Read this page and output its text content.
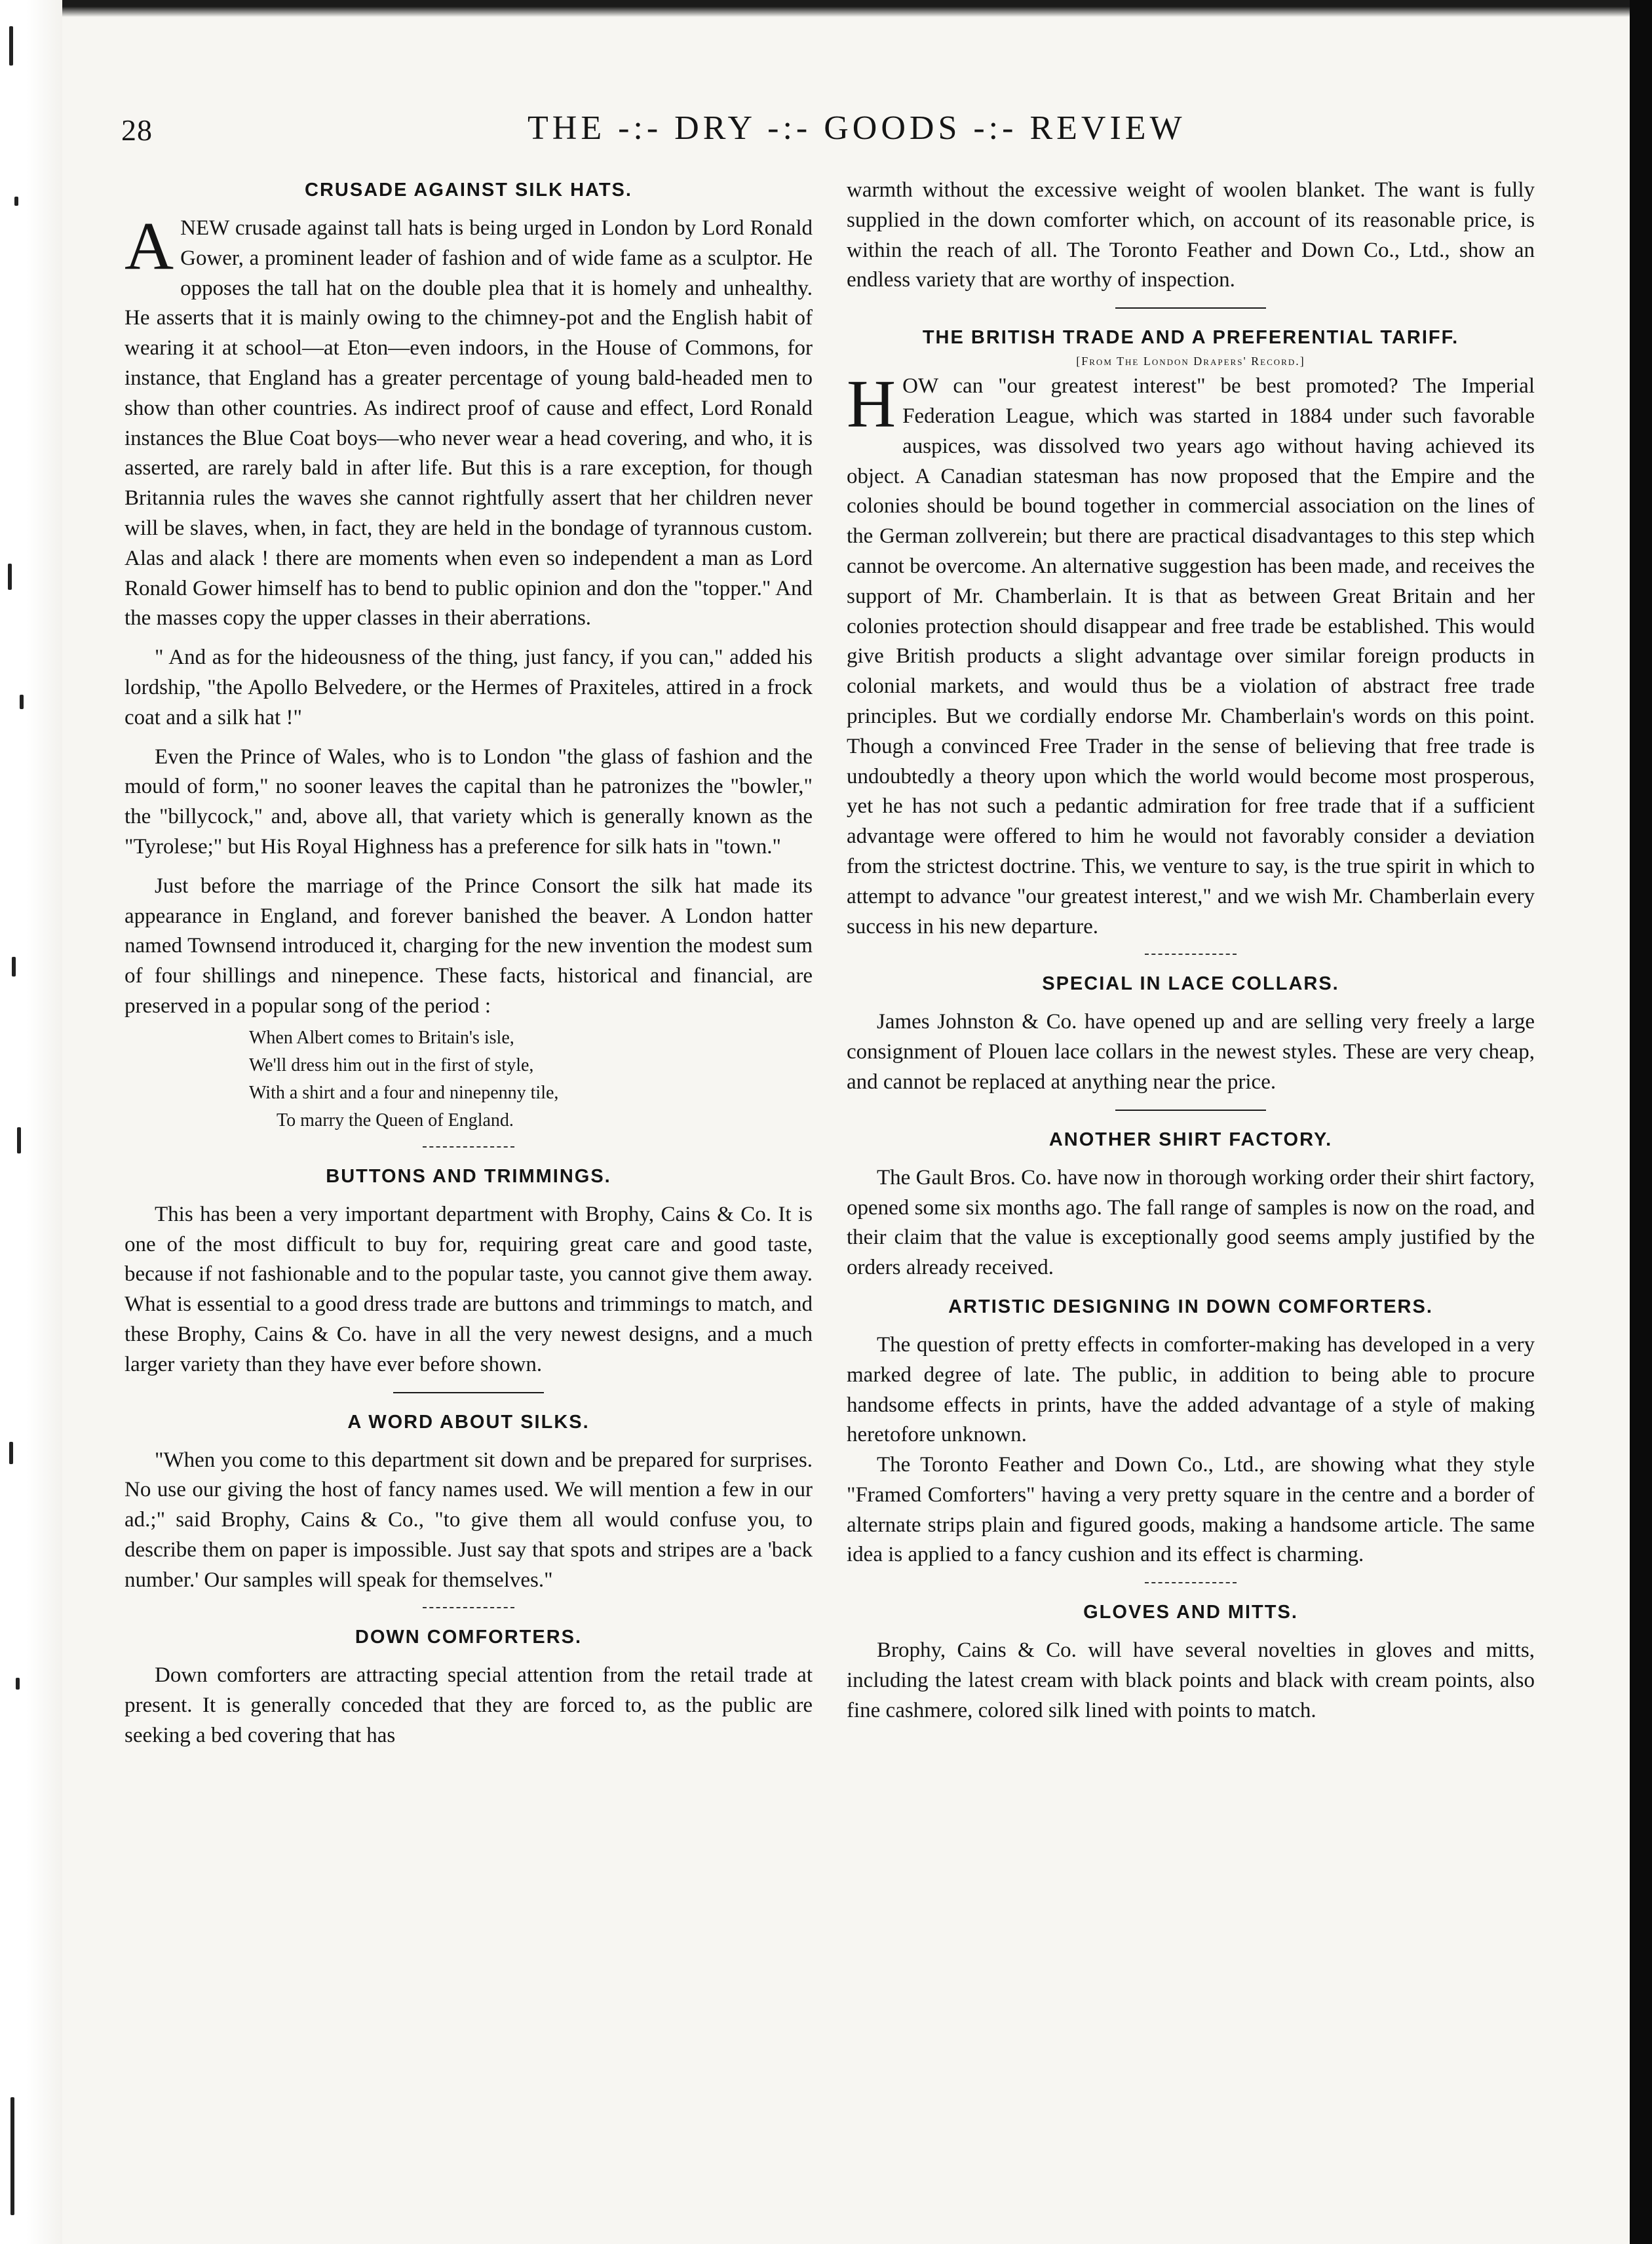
28	THE -:- DRY -:- GOODS -:- REVIEW
CRUSADE AGAINST SILK HATS.

ANEW crusade against tall hats is being urged in London by Lord Ronald Gower, a prominent leader of fashion and of wide fame as a sculptor. He opposes the tall hat on the double plea that it is homely and unhealthy. He asserts that it is mainly owing to the chimney-pot and the English habit of wearing it at school—at Eton—even indoors, in the House of Commons, for instance, that England has a greater percentage of young bald-headed men to show than other countries. As indirect proof of cause and effect, Lord Ronald instances the Blue Coat boys—who never wear a head covering, and who, it is asserted, are rarely bald in after life. But this is a rare exception, for though Britannia rules the waves she cannot rightfully assert that her children never will be slaves, when, in fact, they are held in the bondage of tyrannous custom. Alas and alack ! there are moments when even so independent a man as Lord Ronald Gower himself has to bend to public opinion and don the "topper." And the masses copy the upper classes in their aberrations.

" And as for the hideousness of the thing, just fancy, if you can," added his lordship, "the Apollo Belvedere, or the Hermes of Praxiteles, attired in a frock coat and a silk hat !"

Even the Prince of Wales, who is to London "the glass of fashion and the mould of form," no sooner leaves the capital than he patronizes the "bowler," the "billycock," and, above all, that variety which is generally known as the "Tyrolese;" but His Royal Highness has a preference for silk hats in "town."

Just before the marriage of the Prince Consort the silk hat made its appearance in England, and forever banished the beaver. A London hatter named Townsend introduced it, charging for the new invention the modest sum of four shillings and ninepence. These facts, historical and financial, are preserved in a popular song of the period :

When Albert comes to Britain's isle,
We'll dress him out in the first of style,
With a shirt and a four and ninepenny tile,
To marry the Queen of England.
BUTTONS AND TRIMMINGS.

This has been a very important department with Brophy, Cains & Co. It is one of the most difficult to buy for, requiring great care and good taste, because if not fashionable and to the popular taste, you cannot give them away. What is essential to a good dress trade are buttons and trimmings to match, and these Brophy, Cains & Co. have in all the very newest designs, and a much larger variety than they have ever before shown.

A WORD ABOUT SILKS.

"When you come to this department sit down and be prepared for surprises. No use our giving the host of fancy names used. We will mention a few in our ad.;" said Brophy, Cains & Co., "to give them all would confuse you, to describe them on paper is impossible. Just say that spots and stripes are a 'back number.' Our samples will speak for themselves."

DOWN COMFORTERS.

Down comforters are attracting special attention from the retail trade at present. It is generally conceded that they are forced to, as the public are seeking a bed covering that has

warmth without the excessive weight of woolen blanket. The want is fully supplied in the down comforter which, on account of its reasonable price, is within the reach of all. The Toronto Feather and Down Co., Ltd., show an endless variety that are worthy of inspection.

THE BRITISH TRADE AND A PREFERENTIAL TARIFF.
[From The London Drapers' Record.]

HOW can "our greatest interest" be best promoted? The Imperial Federation League, which was started in 1884 under such favorable auspices, was dissolved two years ago without having achieved its object. A Canadian statesman has now proposed that the Empire and the colonies should be bound together in commercial association on the lines of the German zollverein; but there are practical disadvantages to this step which cannot be overcome. An alternative suggestion has been made, and receives the support of Mr. Chamberlain. It is that as between Great Britain and her colonies protection should disappear and free trade be established. This would give British products a slight advantage over similar foreign products in colonial markets, and would thus be a violation of abstract free trade principles. But we cordially endorse Mr. Chamberlain's words on this point. Though a convinced Free Trader in the sense of believing that free trade is undoubtedly a theory upon which the world would become most prosperous, yet he has not such a pedantic admiration for free trade that if a sufficient advantage were offered to him he would not favorably consider a deviation from the strictest doctrine. This, we venture to say, is the true spirit in which to attempt to advance "our greatest interest," and we wish Mr. Chamberlain every success in his new departure.

SPECIAL IN LACE COLLARS.

James Johnston & Co. have opened up and are selling very freely a large consignment of Plouen lace collars in the newest styles. These are very cheap, and cannot be replaced at anything near the price.

ANOTHER SHIRT FACTORY.

The Gault Bros. Co. have now in thorough working order their shirt factory, opened some six months ago. The fall range of samples is now on the road, and their claim that the value is exceptionally good seems amply justified by the orders already received.

ARTISTIC DESIGNING IN DOWN COMFORTERS.

The question of pretty effects in comforter-making has developed in a very marked degree of late. The public, in addition to being able to procure handsome effects in prints, have the added advantage of a style of making heretofore unknown.

The Toronto Feather and Down Co., Ltd., are showing what they style "Framed Comforters" having a very pretty square in the centre and a border of alternate strips plain and figured goods, making a handsome article. The same idea is applied to a fancy cushion and its effect is charming.

GLOVES AND MITTS.

Brophy, Cains & Co. will have several novelties in gloves and mitts, including the latest cream with black points and black with cream points, also fine cashmere, colored silk lined with points to match.
